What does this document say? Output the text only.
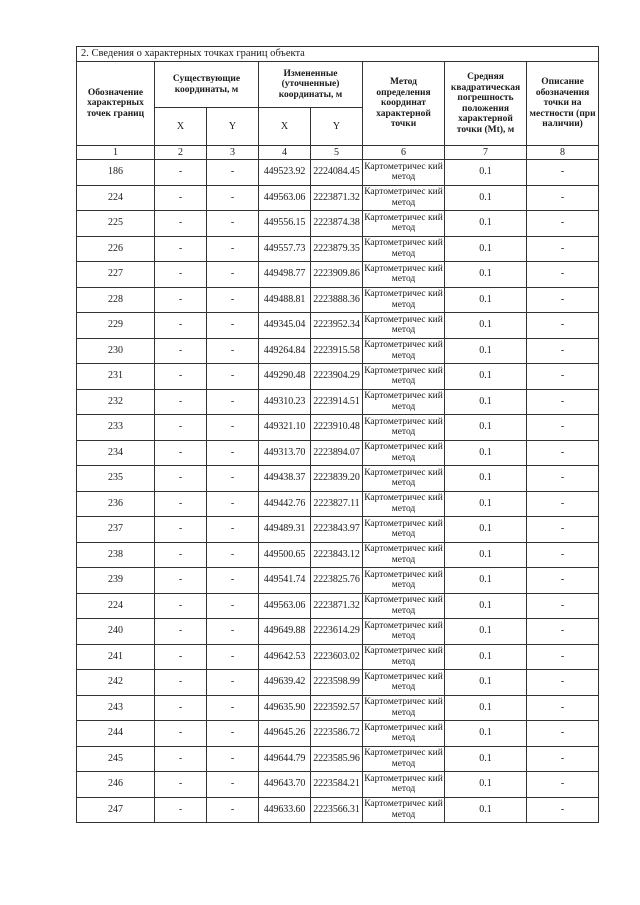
2. Сведения о характерных точках границ объекта							
Обозначение характерных точек границ	Существующие координаты, м		Измененные (уточненные) координаты, м		Метод определения координат характерной точки	Средняя квадратическая погрешность положения характерной точки (Mt), м	Описание обозначения точки на местности (при наличии)
	X	Y	X	Y			
1	2	3	4	5	6	7	8
186	-	-	449523.92	2224084.45	Картометричес кий метод	0.1	-
224	-	-	449563.06	2223871.32	Картометричес кий метод	0.1	-
225	-	-	449556.15	2223874.38	Картометричес кий метод	0.1	-
226	-	-	449557.73	2223879.35	Картометричес кий метод	0.1	-
227	-	-	449498.77	2223909.86	Картометричес кий метод	0.1	-
228	-	-	449488.81	2223888.36	Картометричес кий метод	0.1	-
229	-	-	449345.04	2223952.34	Картометричес кий метод	0.1	-
230	-	-	449264.84	2223915.58	Картометричес кий метод	0.1	-
231	-	-	449290.48	2223904.29	Картометричес кий метод	0.1	-
232	-	-	449310.23	2223914.51	Картометричес кий метод	0.1	-
233	-	-	449321.10	2223910.48	Картометричес кий метод	0.1	-
234	-	-	449313.70	2223894.07	Картометричес кий метод	0.1	-
235	-	-	449438.37	2223839.20	Картометричес кий метод	0.1	-
236	-	-	449442.76	2223827.11	Картометричес кий метод	0.1	-
237	-	-	449489.31	2223843.97	Картометричес кий метод	0.1	-
238	-	-	449500.65	2223843.12	Картометричес кий метод	0.1	-
239	-	-	449541.74	2223825.76	Картометричес кий метод	0.1	-
224	-	-	449563.06	2223871.32	Картометричес кий метод	0.1	-
240	-	-	449649.88	2223614.29	Картометричес кий метод	0.1	-
241	-	-	449642.53	2223603.02	Картометричес кий метод	0.1	-
242	-	-	449639.42	2223598.99	Картометричес кий метод	0.1	-
243	-	-	449635.90	2223592.57	Картометричес кий метод	0.1	-
244	-	-	449645.26	2223586.72	Картометричес кий метод	0.1	-
245	-	-	449644.79	2223585.96	Картометричес кий метод	0.1	-
246	-	-	449643.70	2223584.21	Картометричес кий метод	0.1	-
247	-	-	449633.60	2223566.31	Картометричес кий метод	0.1	-
